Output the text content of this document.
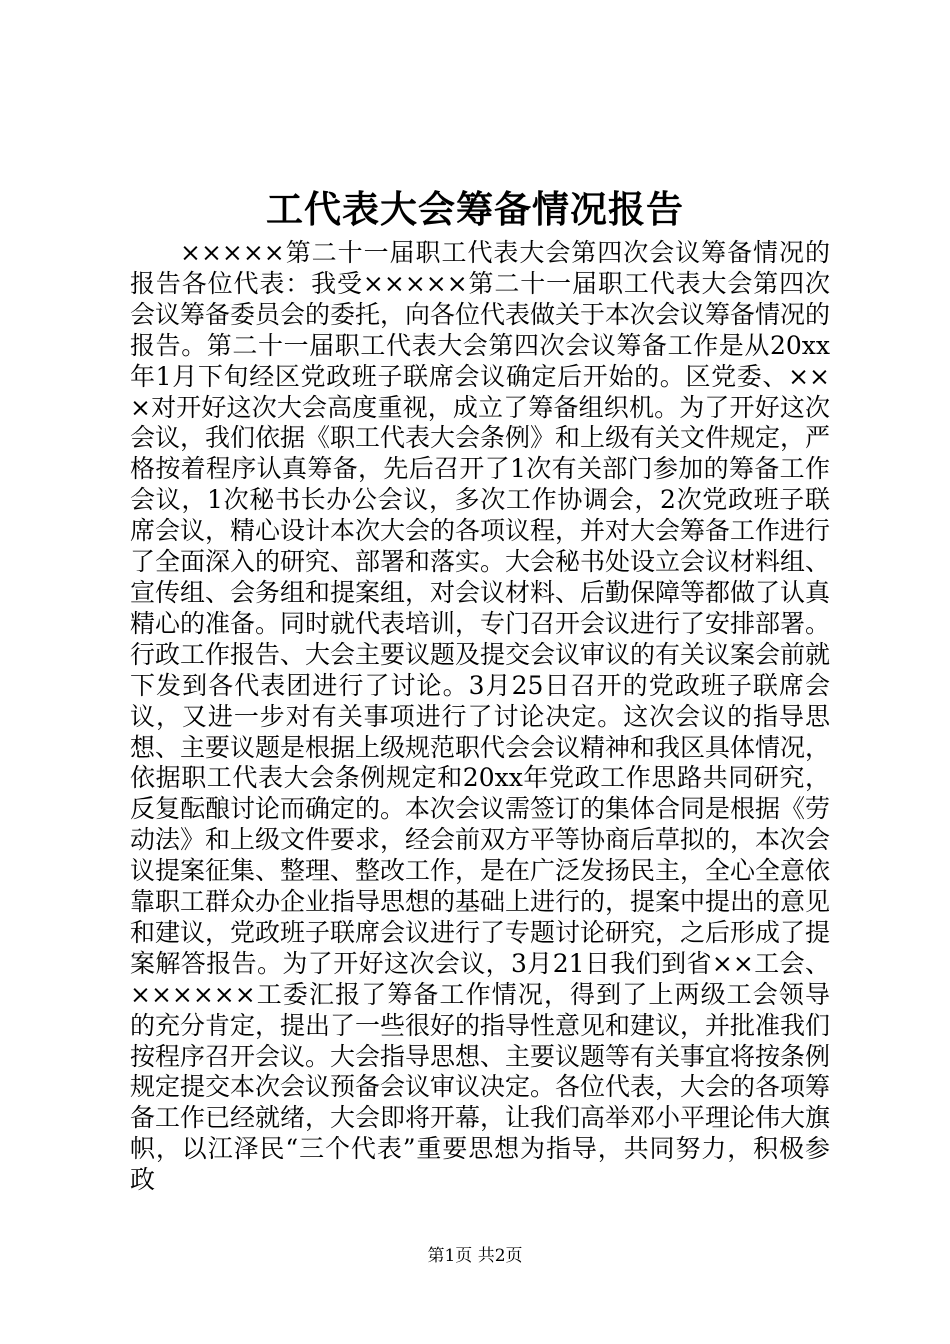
工代表大会筹备情况报告

×××××第二十一届职工代表大会第四次会议筹备情况的报告各位代表：我受×××××第二十一届职工代表大会第四次会议筹备委员会的委托，向各位代表做关于本次会议筹备情况的报告。第二十一届职工代表大会第四次会议筹备工作是从20xx年1月下旬经区党政班子联席会议确定后开始的。区党委、×××对开好这次大会高度重视，成立了筹备组织机。为了开好这次会议，我们依据《职工代表大会条例》和上级有关文件规定，严格按着程序认真筹备，先后召开了1次有关部门参加的筹备工作会议，1次秘书长办公会议，多次工作协调会，2次党政班子联席会议，精心设计本次大会的各项议程，并对大会筹备工作进行了全面深入的研究、部署和落实。大会秘书处设立会议材料组、宣传组、会务组和提案组，对会议材料、后勤保障等都做了认真精心的准备。同时就代表培训，专门召开会议进行了安排部署。行政工作报告、大会主要议题及提交会议审议的有关议案会前就下发到各代表团进行了讨论。3月25日召开的党政班子联席会议，又进一步对有关事项进行了讨论决定。这次会议的指导思想、主要议题是根据上级规范职代会会议精神和我区具体情况，依据职工代表大会条例规定和20xx年党政工作思路共同研究，反复酝酿讨论而确定的。本次会议需签订的集体合同是根据《劳动法》和上级文件要求，经会前双方平等协商后草拟的，本次会议提案征集、整理、整改工作，是在广泛发扬民主，全心全意依靠职工群众办企业指导思想的基础上进行的，提案中提出的意见和建议，党政班子联席会议进行了专题讨论研究，之后形成了提案解答报告。为了开好这次会议，3月21日我们到省××工会、××××××工委汇报了筹备工作情况，得到了上两级工会领导的充分肯定，提出了一些很好的指导性意见和建议，并批准我们按程序召开会议。大会指导思想、主要议题等有关事宜将按条例规定提交本次会议预备会议审议决定。各位代表，大会的各项筹备工作已经就绪，大会即将开幕，让我们高举邓小平理论伟大旗帜，以江泽民“三个代表”重要思想为指导，共同努力，积极参政

第1页 共2页
